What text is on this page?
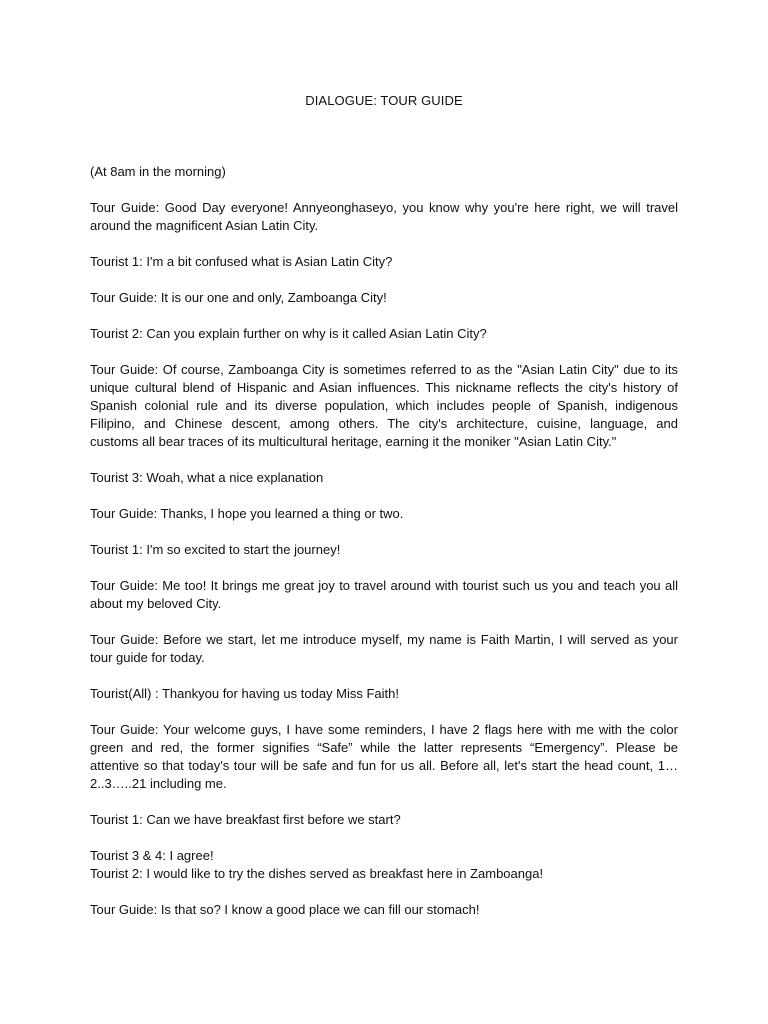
DIALOGUE: TOUR GUIDE

(At 8am in the morning)

Tour Guide: Good Day everyone! Annyeonghaseyo, you know why you're here right, we will travel
around the magnificent Asian Latin City.

Tourist 1: I'm a bit confused what is Asian Latin City?

Tour Guide: It is our one and only, Zamboanga City!

Tourist 2: Can you explain further on why is it called Asian Latin City?

Tour Guide: Of course, Zamboanga City is sometimes referred to as the "Asian Latin City" due to its
unique cultural blend of Hispanic and Asian influences. This nickname reflects the city's history of
Spanish colonial rule and its diverse population, which includes people of Spanish, indigenous
Filipino, and Chinese descent, among others. The city's architecture, cuisine, language, and
customs all bear traces of its multicultural heritage, earning it the moniker "Asian Latin City."

Tourist 3: Woah, what a nice explanation

Tour Guide: Thanks, I hope you learned a thing or two.

Tourist 1: I'm so excited to start the journey!

Tour Guide: Me too! It brings me great joy to travel around with tourist such us you and teach you all
about my beloved City.

Tour Guide: Before we start, let me introduce myself, my name is Faith Martin, I will served as your
tour guide for today.

Tourist(All) : Thankyou for having us today Miss Faith!

Tour Guide: Your welcome guys, I have some reminders, I have 2 flags here with me with the color
green and red, the former signifies “Safe” while the latter represents “Emergency”. Please be
attentive so that today's tour will be safe and fun for us all. Before all, let's start the head count, 1…
2..3…..21 including me.

Tourist 1: Can we have breakfast first before we start?

Tourist 3 & 4: I agree!

Tourist 2: I would like to try the dishes served as breakfast here in Zamboanga!

Tour Guide: Is that so? I know a good place we can fill our stomach!
